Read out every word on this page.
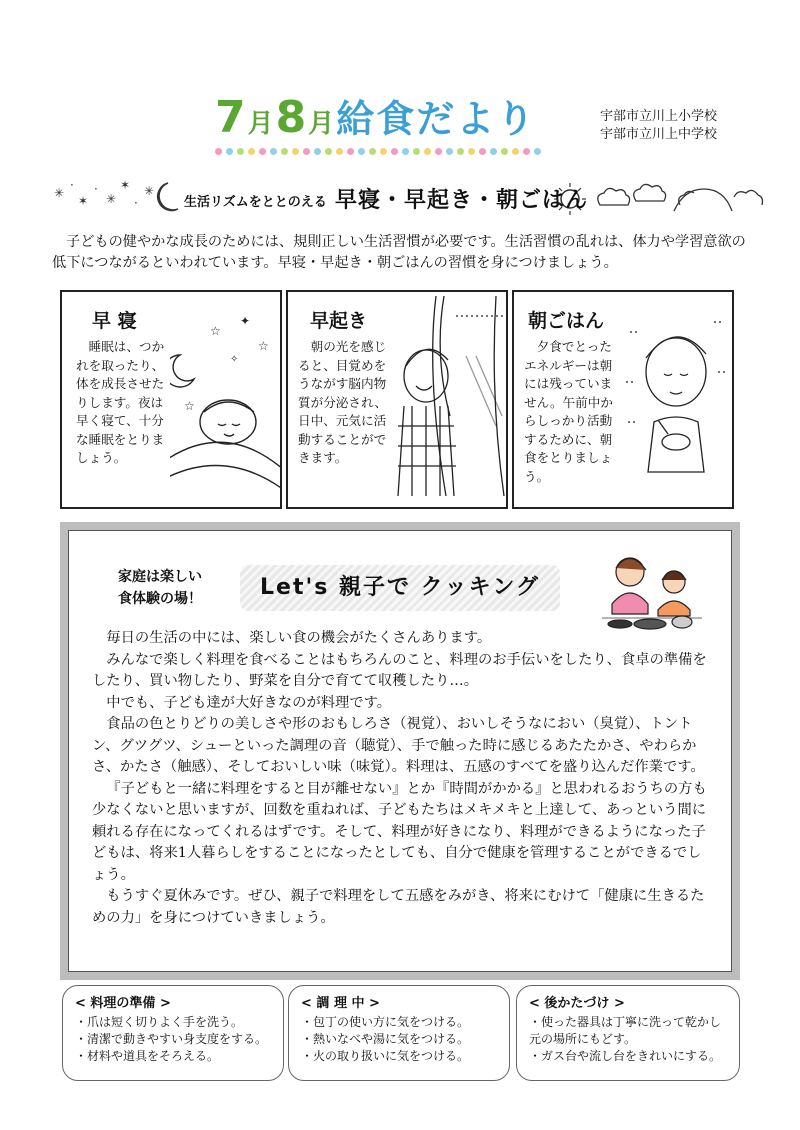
7月8月給食だより	宇部市立川上小学校
宇部市立川上中学校
✳
·
✶
⋅
✳
✶
·
✳
生活リズムをととのえる 早寝・早起き・朝ごはん
子どもの健やかな成長のためには、規則正しい生活習慣が必要です。生活習慣の乱れは、体力や学習意欲の低下につながるといわれています。早寝・早起き・朝ごはんの習慣を身につけましょう。
早 寝
睡眠は、つかれを取ったり、体を成長させたりします。夜は早く寝て、十分な睡眠をとりましょう。
☆
✦
☆
✧
☆
早起き
朝の光を感じると、目覚めをうながす脳内物質が分泌され、日中、元気に活動することができます。
朝ごはん
夕食でとったエネルギーは朝には残っていません。午前中からしっかり活動するために、朝食をとりましょう。
家庭は楽しい
食体験の場！	Let's 親子で クッキング

毎日の生活の中には、楽しい食の機会がたくさんあります。

みんなで楽しく料理を食べることはもちろんのこと、料理のお手伝いをしたり、食卓の準備をしたり、買い物したり、野菜を自分で育てて収穫したり…。

中でも、子ども達が大好きなのが料理です。

食品の色とりどりの美しさや形のおもしろさ（視覚）、おいしそうなにおい（臭覚）、トントン、グツグツ、シューといった調理の音（聴覚）、手で触った時に感じるあたたかさ、やわらかさ、かたさ（触感）、そしておいしい味（味覚）。料理は、五感のすべてを盛り込んだ作業です。

『子どもと一緒に料理をすると目が離せない』とか『時間がかかる』と思われるおうちの方も少なくないと思いますが、回数を重ねれば、子どもたちはメキメキと上達して、あっという間に頼れる存在になってくれるはずです。そして、料理が好きになり、料理ができるようになった子どもは、将来1人暮らしをすることになったとしても、自分で健康を管理することができるでしょう。

もうすぐ夏休みです。ぜひ、親子で料理をして五感をみがき、将来にむけて「健康に生きるための力」を身につけていきましょう。

< 料理の準備 >
・爪は短く切りよく手を洗う。
・清潔で動きやすい身支度をする。
・材料や道具をそろえる。
< 調 理 中 >
・包丁の使い方に気をつける。
・熱いなべや湯に気をつける。
・火の取り扱いに気をつける。
< 後かたづけ >
・使った器具は丁寧に洗って乾かし元の場所にもどす。
・ガス台や流し台をきれいにする。
